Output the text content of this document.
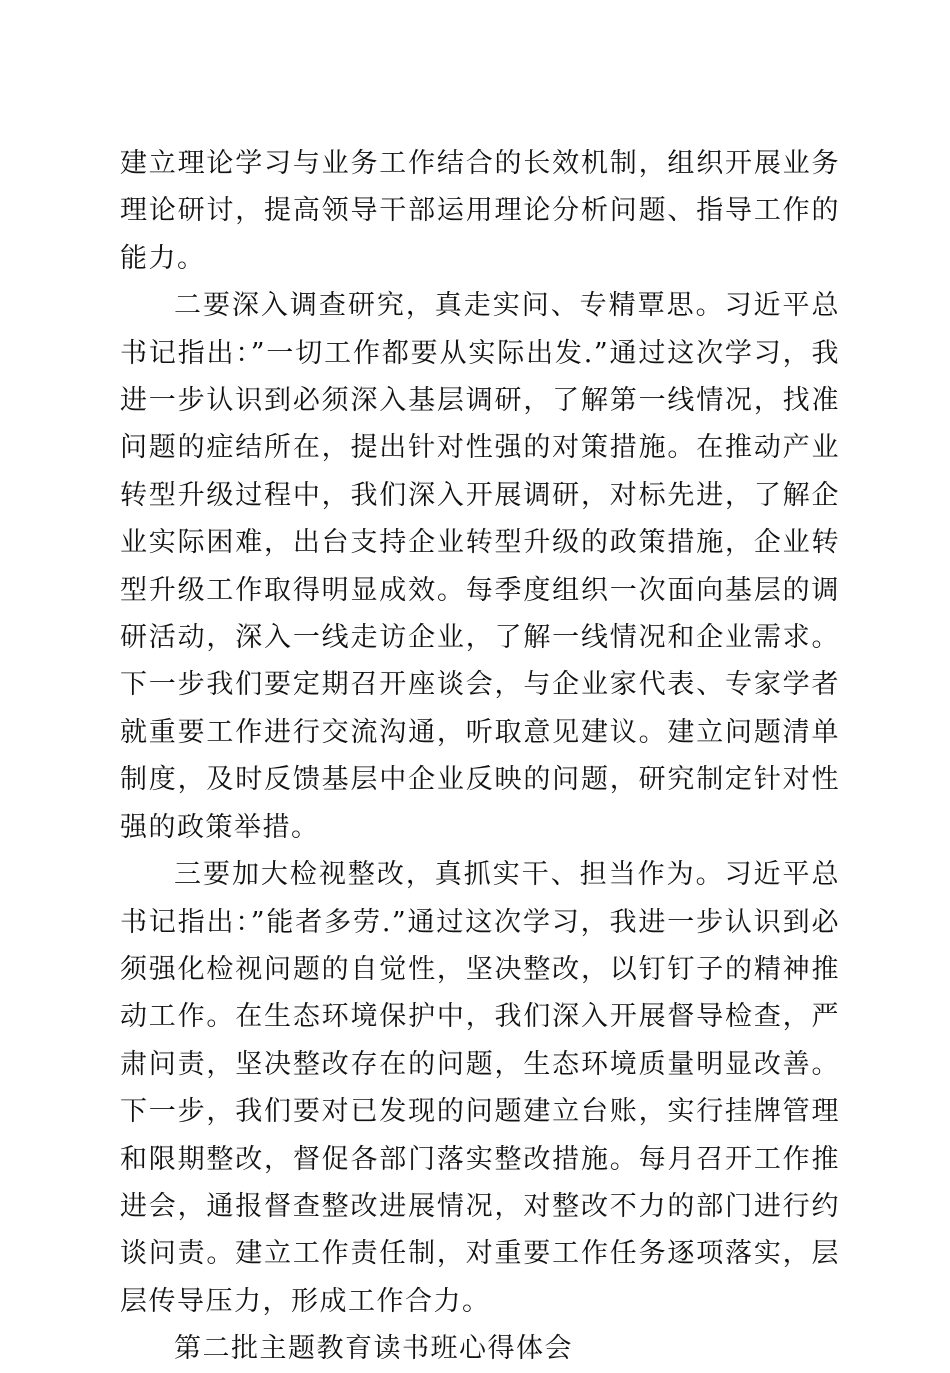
建立理论学习与业务工作结合的长效机制，组织开展业务理论研讨，提高领导干部运用理论分析问题、指导工作的能力。

二要深入调查研究，真走实问、专精覃思。习近平总书记指出：”一切工作都要从实际出发.”通过这次学习，我进一步认识到必须深入基层调研，了解第一线情况，找准问题的症结所在，提出针对性强的对策措施。在推动产业转型升级过程中，我们深入开展调研，对标先进，了解企业实际困难，出台支持企业转型升级的政策措施，企业转型升级工作取得明显成效。每季度组织一次面向基层的调研活动，深入一线走访企业，了解一线情况和企业需求。下一步我们要定期召开座谈会，与企业家代表、专家学者就重要工作进行交流沟通，听取意见建议。建立问题清单制度，及时反馈基层中企业反映的问题，研究制定针对性强的政策举措。

三要加大检视整改，真抓实干、担当作为。习近平总书记指出：”能者多劳.”通过这次学习，我进一步认识到必须强化检视问题的自觉性，坚决整改，以钉钉子的精神推动工作。在生态环境保护中，我们深入开展督导检查，严肃问责，坚决整改存在的问题，生态环境质量明显改善。下一步，我们要对已发现的问题建立台账，实行挂牌管理和限期整改，督促各部门落实整改措施。每月召开工作推进会，通报督查整改进展情况，对整改不力的部门进行约谈问责。建立工作责任制，对重要工作任务逐项落实，层层传导压力，形成工作合力。

第二批主题教育读书班心得体会
